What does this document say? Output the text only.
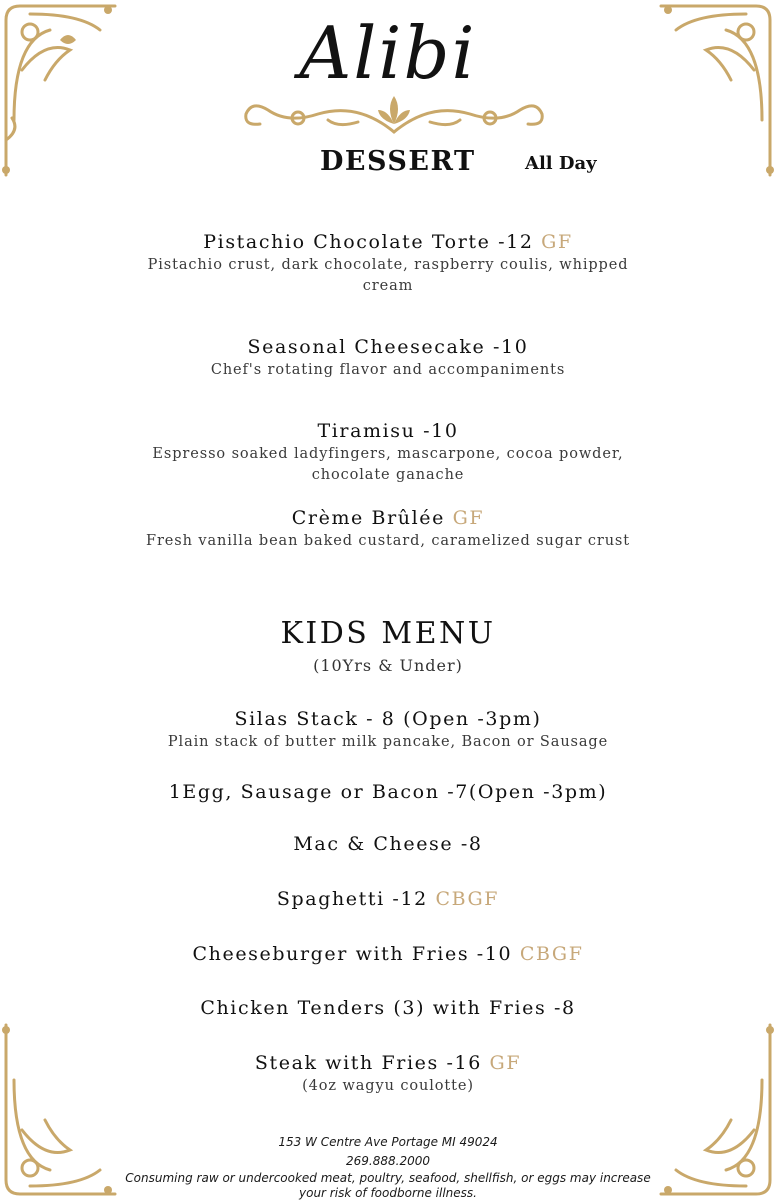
Alibi
DESSERT	All Day
Pistachio Chocolate Torte -12 GF
Pistachio crust, dark chocolate, raspberry coulis, whipped cream
Seasonal Cheesecake -10
Chef's rotating flavor and accompaniments
Tiramisu -10
Espresso soaked ladyfingers, mascarpone, cocoa powder, chocolate ganache
Crème Brûlée GF
Fresh vanilla bean baked custard, caramelized sugar crust
KIDS MENU
(10Yrs & Under)
Silas Stack - 8 (Open -3pm)
Plain stack of butter milk pancake, Bacon or Sausage
1Egg, Sausage or Bacon -7(Open -3pm)
Mac & Cheese -8
Spaghetti -12 CBGF
Cheeseburger with Fries -10 CBGF
Chicken Tenders (3) with Fries -8
Steak with Fries -16 GF
(4oz wagyu coulotte)
153 W Centre Ave Portage MI 49024
269.888.2000
Consuming raw or undercooked meat, poultry, seafood, shellfish, or eggs may increase your risk of foodborne illness.
